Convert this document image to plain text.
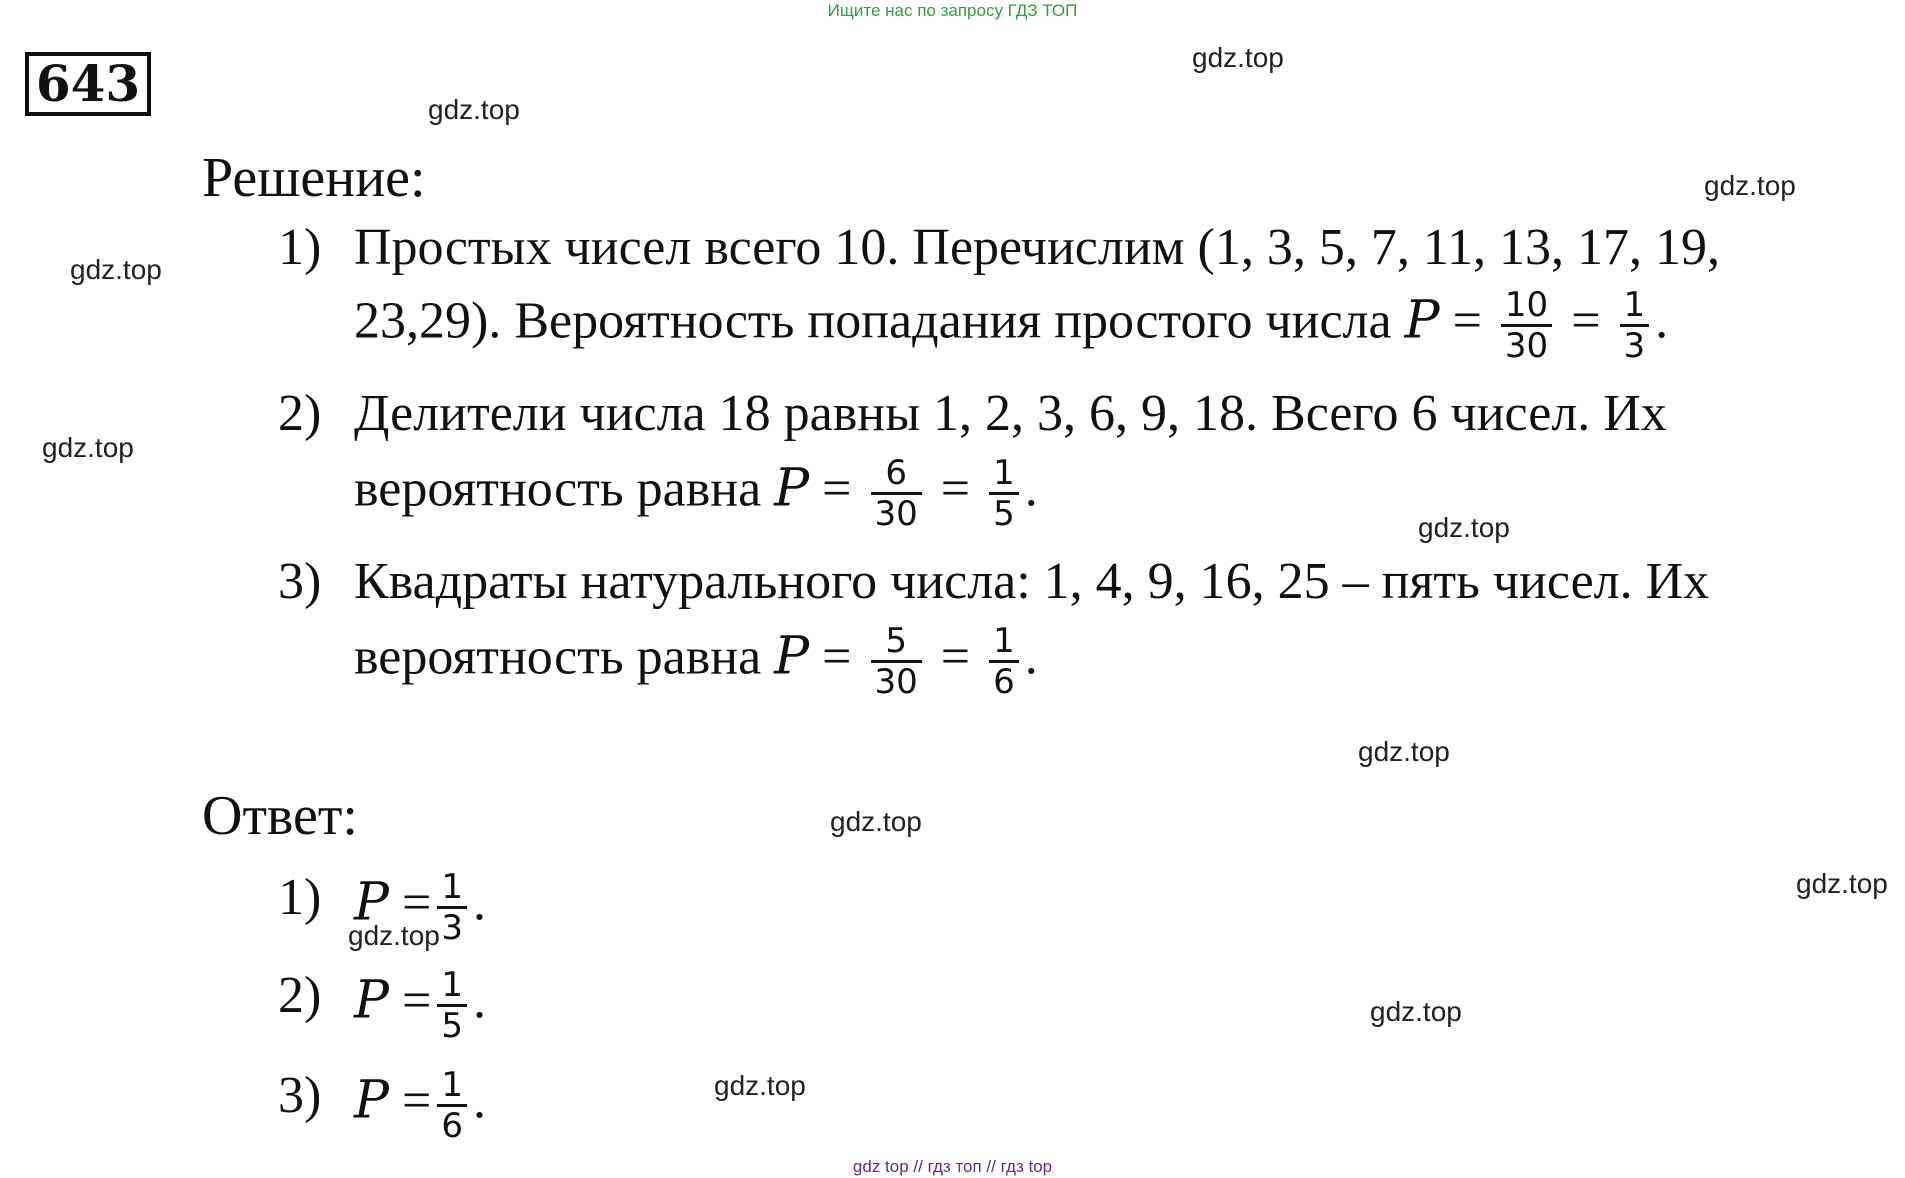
Ищите нас по запросу ГДЗ ТОП
643
Решение:
1) Простых чисел всего 10. Перечислим (1, 3, 5, 7, 11, 13, 17, 19,
23,29). Вероятность попадания простого числа $P = \frac{10}{30} = \frac{1}{3}$ .
2) Делители числа 18 равны 1, 2, 3, 6, 9, 18. Всего 6 чисел. Их
вероятность равна $P = \frac{6}{30} = \frac{1}{5}$ .
3) Квадраты натурального числа: 1, 4, 9, 16, 25 – пять чисел. Их
вероятность равна $P = \frac{5}{30} = \frac{1}{6}$ .
Ответ:
1) $P = \frac{1}{3}$ .
2) $P = \frac{1}{5}$ .
3) $P = \frac{1}{6}$ .
gdz.top
gdz.top
gdz.top
gdz.top
gdz.top
gdz.top
gdz.top
gdz.top
gdz.top
gdz.top
gdz.top
gdz.top
gdz top // гдз топ // гдз top
